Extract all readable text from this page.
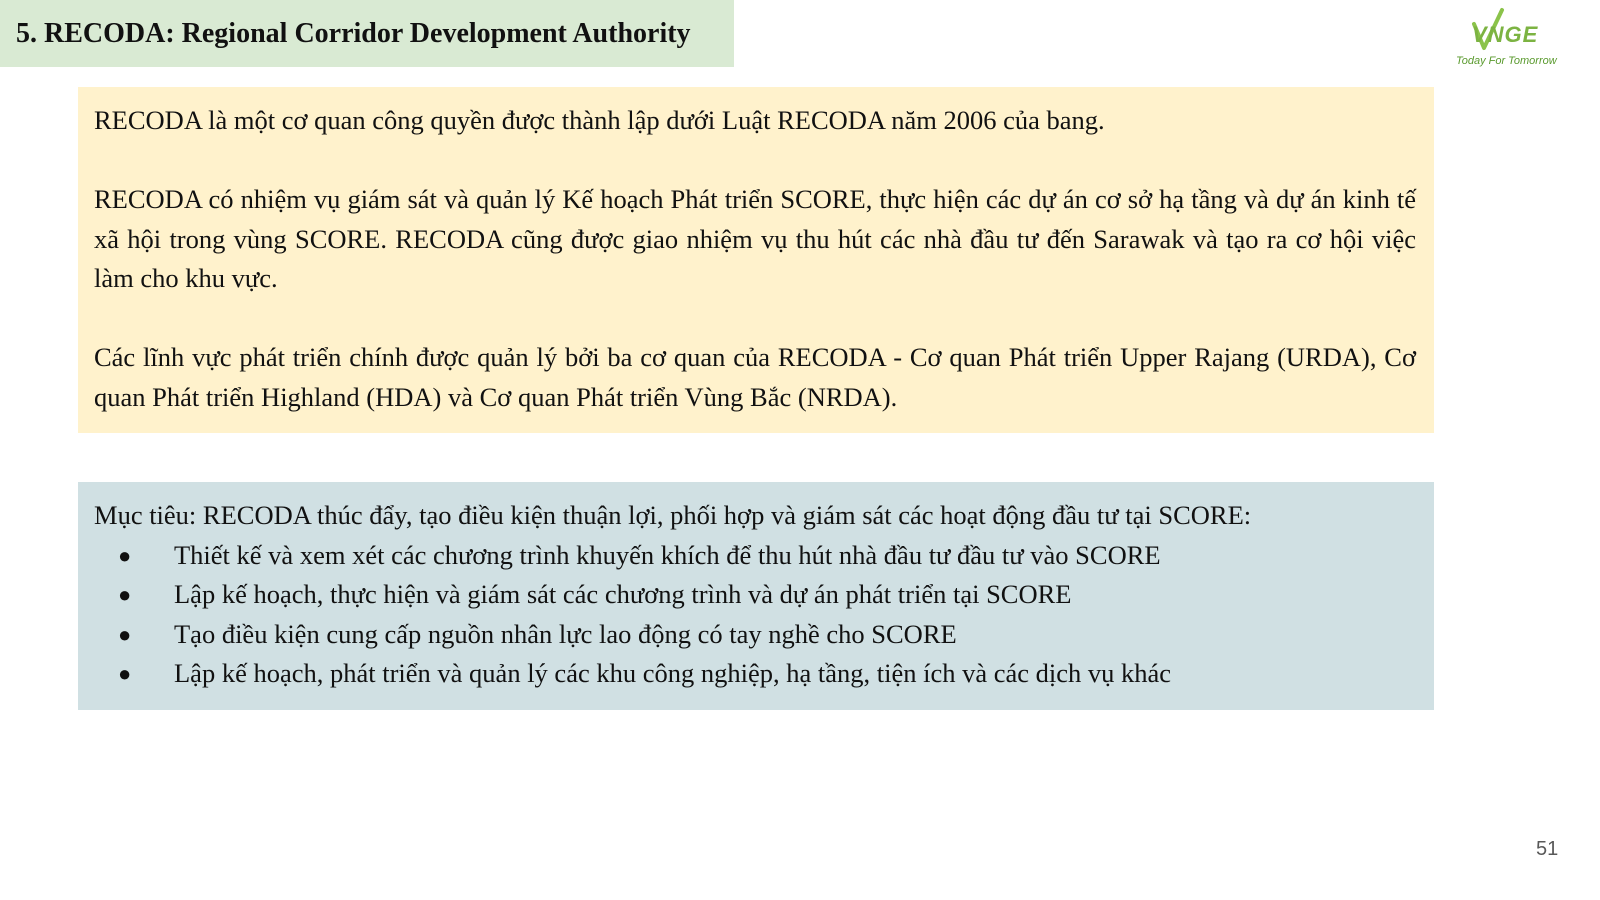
5. RECODA: Regional Corridor Development Authority	VNGE
Today For Tomorrow

RECODA là một cơ quan công quyền được thành lập dưới Luật RECODA năm 2006 của bang.

RECODA có nhiệm vụ giám sát và quản lý Kế hoạch Phát triển SCORE, thực hiện các dự án cơ sở hạ tầng và dự án kinh tế xã hội trong vùng SCORE. RECODA cũng được giao nhiệm vụ thu hút các nhà đầu tư đến Sarawak và tạo ra cơ hội việc làm cho khu vực.

Các lĩnh vực phát triển chính được quản lý bởi ba cơ quan của RECODA - Cơ quan Phát triển Upper Rajang (URDA), Cơ quan Phát triển Highland (HDA) và Cơ quan Phát triển Vùng Bắc (NRDA).

Mục tiêu: RECODA thúc đẩy, tạo điều kiện thuận lợi, phối hợp và giám sát các hoạt động đầu tư tại SCORE:

● Thiết kế và xem xét các chương trình khuyến khích để thu hút nhà đầu tư đầu tư vào SCORE
● Lập kế hoạch, thực hiện và giám sát các chương trình và dự án phát triển tại SCORE
● Tạo điều kiện cung cấp nguồn nhân lực lao động có tay nghề cho SCORE
● Lập kế hoạch, phát triển và quản lý các khu công nghiệp, hạ tầng, tiện ích và các dịch vụ khác
51
